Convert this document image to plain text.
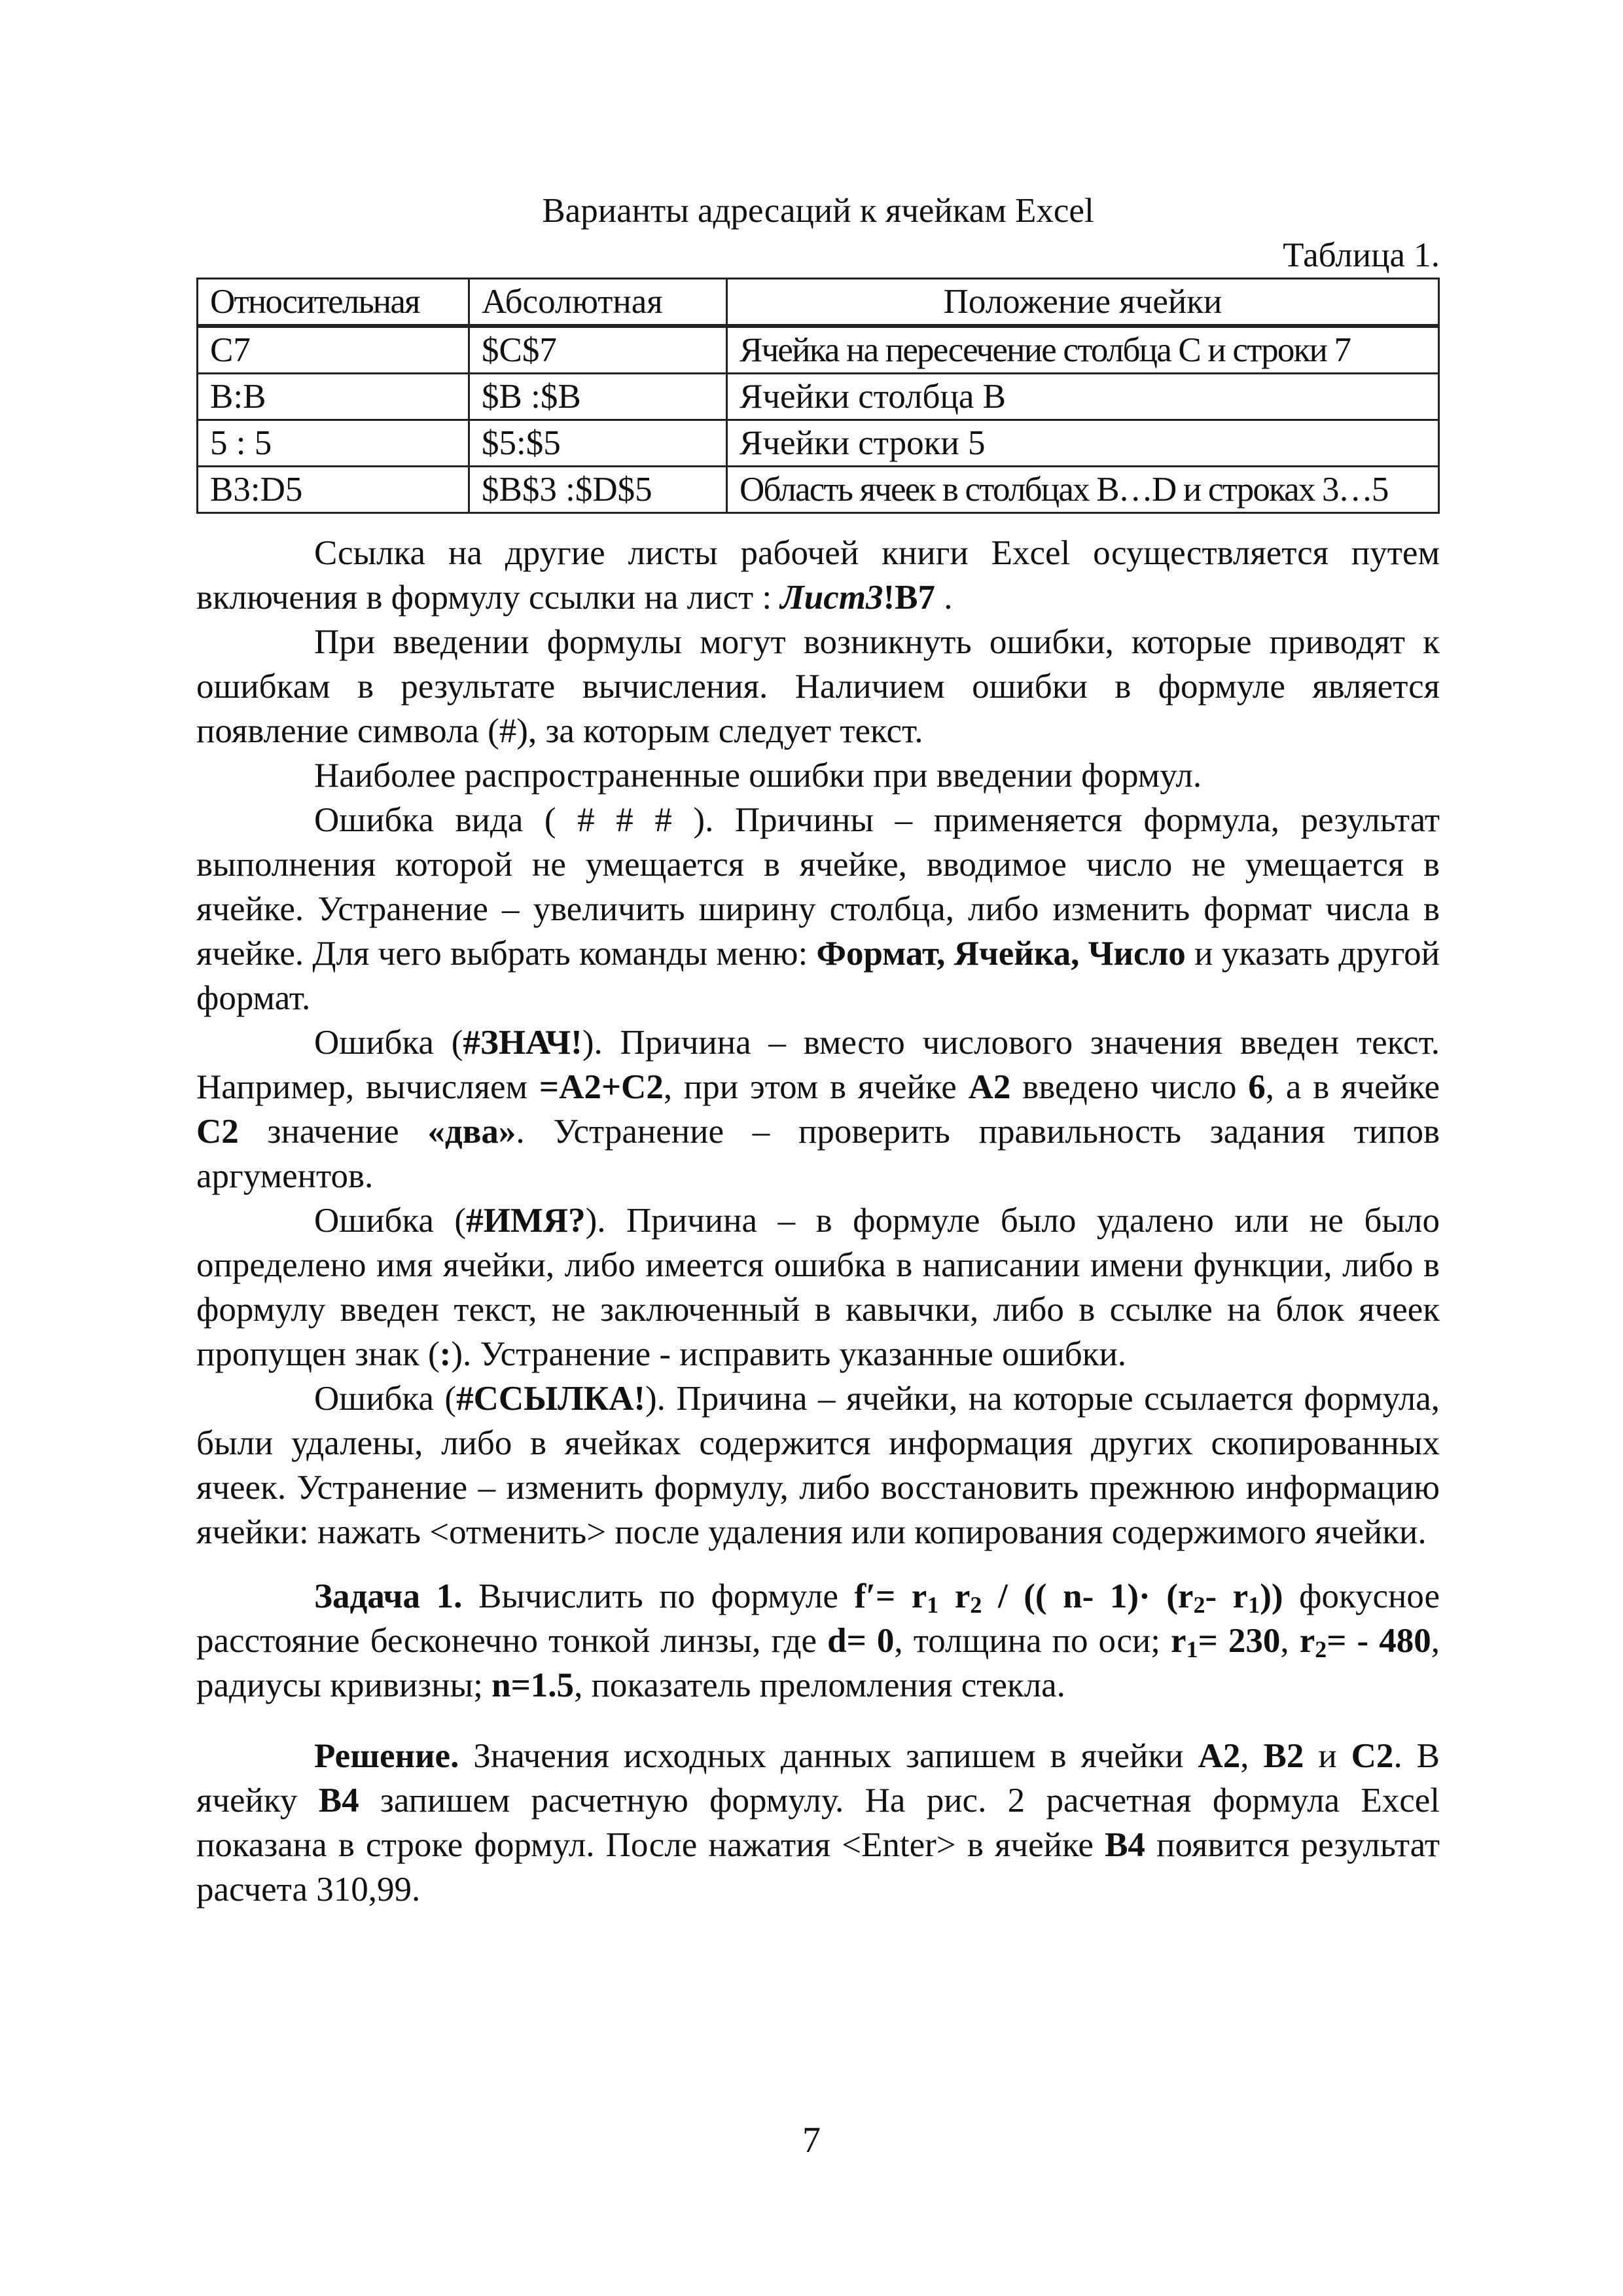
Варианты адресаций к ячейкам Excel

Таблица 1.

Относительная	Абсолютная	Положение ячейки
C7	$C$7	Ячейка на пересечение столбца C и строки 7
B:B	$B :$B	Ячейки столбца B
5 : 5	$5:$5	Ячейки строки 5
B3:D5	$B$3 :$D$5	Область ячеек в столбцах B…D и строках 3…5

Ссылка на другие листы рабочей книги Excel осуществляется путем включения в формулу ссылки на лист : Лист3!B7 .

При введении формулы могут возникнуть ошибки, которые приводят к ошибкам в результате вычисления. Наличием ошибки в формуле является появление символа (#), за которым следует текст.

Наиболее распространенные ошибки при введении формул.

Ошибка вида ( # # # ). Причины – применяется формула, результат выполнения которой не умещается в ячейке, вводимое число не умещается в ячейке. Устранение – увеличить ширину столбца, либо изменить формат числа в ячейке. Для чего выбрать команды меню: Формат, Ячейка, Число и указать другой формат.

Ошибка (#ЗНАЧ!). Причина – вместо числового значения введен текст. Например, вычисляем =A2+C2, при этом в ячейке A2 введено число 6, а в ячейке C2 значение «два». Устранение – проверить правильность задания типов аргументов.

Ошибка (#ИМЯ?). Причина – в формуле было удалено или не было определено имя ячейки, либо имеется ошибка в написании имени функции, либо в формулу введен текст, не заключенный в кавычки, либо в ссылке на блок ячеек пропущен знак (:). Устранение - исправить указанные ошибки.

Ошибка (#ССЫЛКА!). Причина – ячейки, на которые ссылается формула, были удалены, либо в ячейках содержится информация других скопированных ячеек. Устранение – изменить формулу, либо восстановить прежнюю информацию ячейки: нажать <отменить> после удаления или копирования содержимого ячейки.

Задача 1. Вычислить по формуле $f'= r_1$ $r_2$ / (( n- $1)\cdot (r_2-$ $r_1$)) фокусное расстояние бесконечно тонкой линзы, где d= 0, толщина по оси; $r_1= 230$, $r_2= - 480$, радиусы кривизны; n=1.5, показатель преломления стекла.

Решение. Значения исходных данных запишем в ячейки A2, B2 и C2. В ячейку B4 запишем расчетную формулу. На рис. 2 расчетная формула Excel показана в строке формул. После нажатия <Enter> в ячейке B4 появится результат расчета 310,99.

7
